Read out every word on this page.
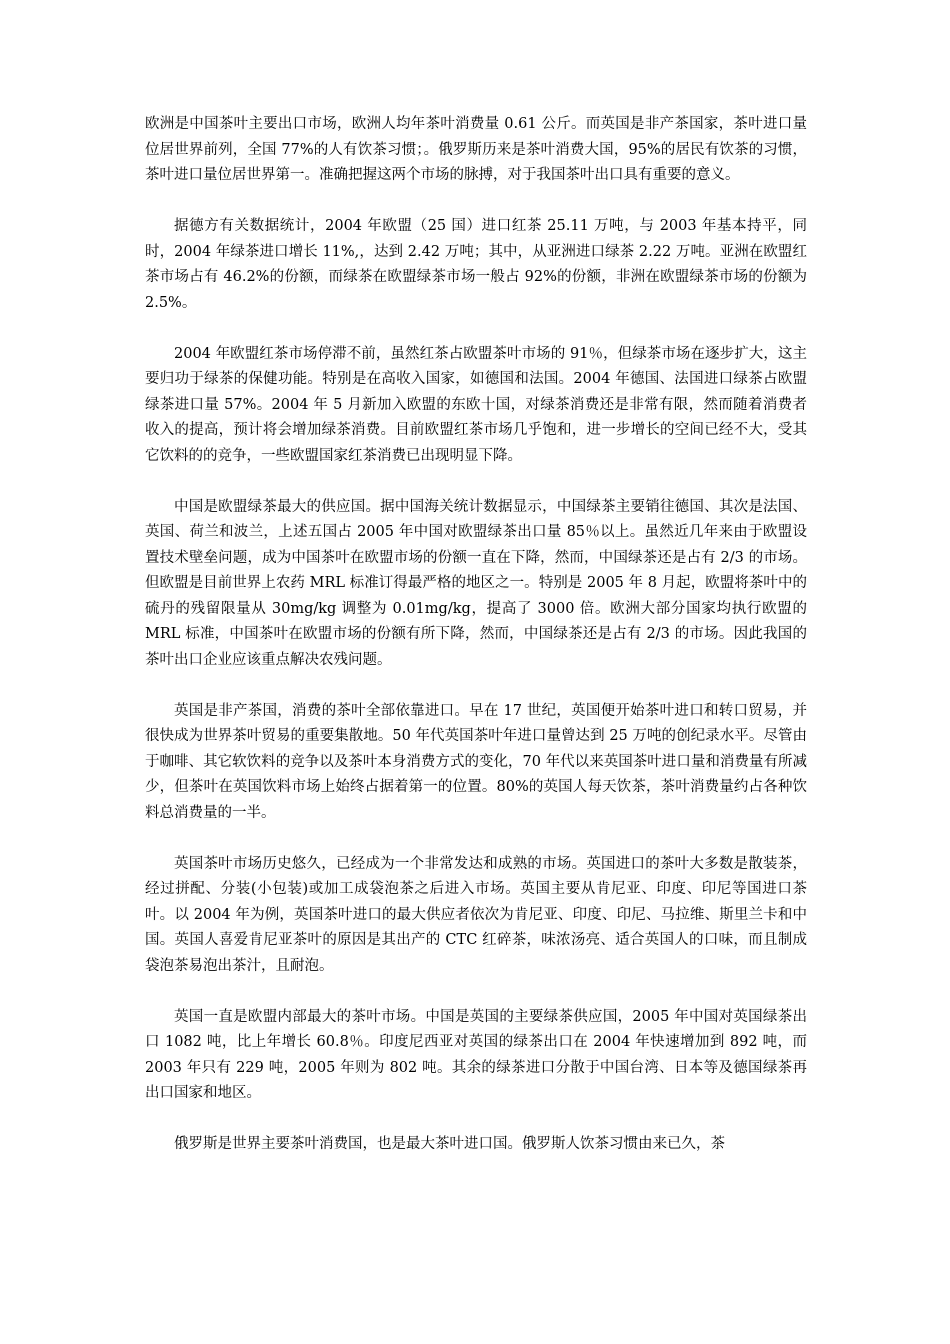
欧洲是中国茶叶主要出口市场，欧洲人均年茶叶消费量 0.61 公斤。而英国是非产茶国家，茶叶进口量位居世界前列，全国 77%的人有饮茶习惯；。俄罗斯历来是茶叶消费大国，95%的居民有饮茶的习惯，茶叶进口量位居世界第一。准确把握这两个市场的脉搏，对于我国茶叶出口具有重要的意义。

据德方有关数据统计，2004 年欧盟（25 国）进口红茶 25.11 万吨，与 2003 年基本持平，同时，2004 年绿茶进口增长 11%,，达到 2.42 万吨；其中，从亚洲进口绿茶 2.22 万吨。亚洲在欧盟红茶市场占有 46.2%的份额，而绿茶在欧盟绿茶市场一般占 92%的份额，非洲在欧盟绿茶市场的份额为 2.5%。

2004 年欧盟红茶市场停滞不前，虽然红茶占欧盟茶叶市场的 91％，但绿茶市场在逐步扩大，这主要归功于绿茶的保健功能。特别是在高收入国家，如德国和法国。2004 年德国、法国进口绿茶占欧盟绿茶进口量 57%。2004 年 5 月新加入欧盟的东欧十国，对绿茶消费还是非常有限，然而随着消费者收入的提高，预计将会增加绿茶消费。目前欧盟红茶市场几乎饱和，进一步增长的空间已经不大，受其它饮料的的竞争，一些欧盟国家红茶消费已出现明显下降。

中国是欧盟绿茶最大的供应国。据中国海关统计数据显示，中国绿茶主要销往德国、其次是法国、英国、荷兰和波兰，上述五国占 2005 年中国对欧盟绿茶出口量 85％以上。虽然近几年来由于欧盟设置技术壁垒问题，成为中国茶叶在欧盟市场的份额一直在下降，然而，中国绿茶还是占有 2/3 的市场。但欧盟是目前世界上农药 MRL 标准订得最严格的地区之一。特别是 2005 年 8 月起，欧盟将茶叶中的硫丹的残留限量从 30mg/kg 调整为 0.01mg/kg，提高了 3000 倍。欧洲大部分国家均执行欧盟的 MRL 标准，中国茶叶在欧盟市场的份额有所下降，然而，中国绿茶还是占有 2/3 的市场。因此我国的茶叶出口企业应该重点解决农残问题。

英国是非产茶国，消费的茶叶全部依靠进口。早在 17 世纪，英国便开始茶叶进口和转口贸易，并很快成为世界茶叶贸易的重要集散地。50 年代英国茶叶年进口量曾达到 25 万吨的创纪录水平。尽管由于咖啡、其它软饮料的竞争以及茶叶本身消费方式的变化，70 年代以来英国茶叶进口量和消费量有所减少，但茶叶在英国饮料市场上始终占据着第一的位置。80%的英国人每天饮茶，茶叶消费量约占各种饮料总消费量的一半。

英国茶叶市场历史悠久，已经成为一个非常发达和成熟的市场。英国进口的茶叶大多数是散装茶，经过拼配、分装(小包装)或加工成袋泡茶之后进入市场。英国主要从肯尼亚、印度、印尼等国进口茶叶。以 2004 年为例，英国茶叶进口的最大供应者依次为肯尼亚、印度、印尼、马拉维、斯里兰卡和中国。英国人喜爱肯尼亚茶叶的原因是其出产的 CTC 红碎茶，味浓汤亮、适合英国人的口味，而且制成袋泡茶易泡出茶汁，且耐泡。

英国一直是欧盟内部最大的茶叶市场。中国是英国的主要绿茶供应国，2005 年中国对英国绿茶出口 1082 吨，比上年增长 60.8％。印度尼西亚对英国的绿茶出口在 2004 年快速增加到 892 吨，而 2003 年只有 229 吨，2005 年则为 802 吨。其余的绿茶进口分散于中国台湾、日本等及德国绿茶再出口国家和地区。

俄罗斯是世界主要茶叶消费国，也是最大茶叶进口国。俄罗斯人饮茶习惯由来已久，茶
